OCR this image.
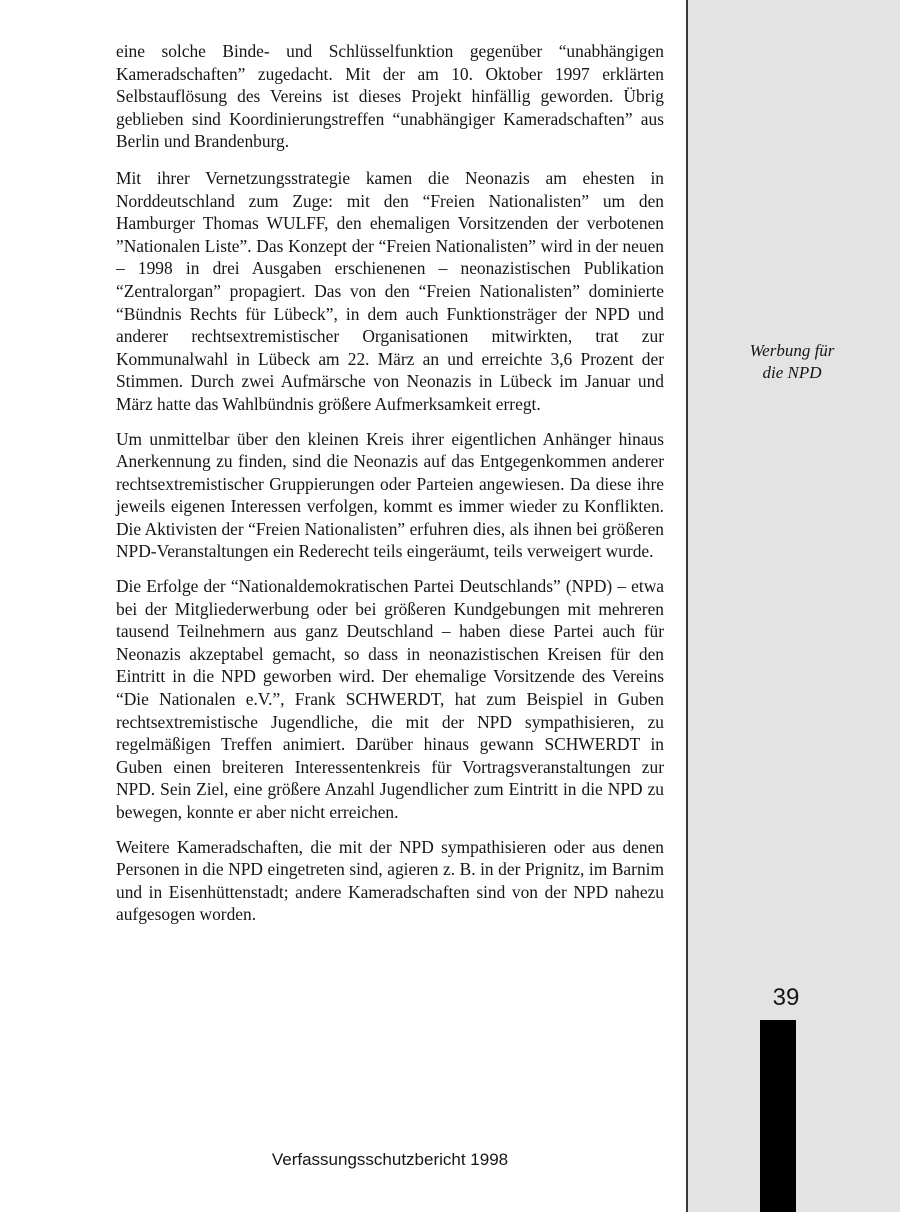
eine solche Binde- und Schlüsselfunktion gegenüber “unabhängigen Kameradschaften” zugedacht. Mit der am 10. Oktober 1997 erklärten Selbstauflösung des Vereins ist dieses Projekt hinfällig geworden. Übrig geblieben sind Koordinierungstreffen “unabhängiger Kameradschaften” aus Berlin und Brandenburg.

Mit ihrer Vernetzungsstrategie kamen die Neonazis am ehesten in Norddeutschland zum Zuge: mit den “Freien Nationalisten” um den Hamburger Thomas WULFF, den ehemaligen Vorsitzenden der verbotenen ”Nationalen Liste”. Das Konzept der “Freien Nationalisten” wird in der neuen – 1998 in drei Ausgaben erschienenen – neonazistischen Publikation “Zentralorgan” propagiert. Das von den “Freien Nationalisten” dominierte “Bündnis Rechts für Lübeck”, in dem auch Funktionsträger der NPD und anderer rechtsextremistischer Organisationen mitwirkten, trat zur Kommunalwahl in Lübeck am 22. März an und erreichte 3,6 Prozent der Stimmen. Durch zwei Aufmärsche von Neonazis in Lübeck im Januar und März hatte das Wahlbündnis größere Aufmerksamkeit erregt.

Um unmittelbar über den kleinen Kreis ihrer eigentlichen Anhänger hinaus Anerkennung zu finden, sind die Neonazis auf das Entgegenkommen anderer rechtsextremistischer Gruppierungen oder Parteien angewiesen. Da diese ihre jeweils eigenen Interessen verfolgen, kommt es immer wieder zu Konflikten. Die Aktivisten der “Freien Nationalisten” erfuhren dies, als ihnen bei größeren NPD-Veranstaltungen ein Rederecht teils eingeräumt, teils verweigert wurde.

Die Erfolge der “Nationaldemokratischen Partei Deutschlands” (NPD) – etwa bei der Mitgliederwerbung oder bei größeren Kundgebungen mit mehreren tausend Teilnehmern aus ganz Deutschland – haben diese Partei auch für Neonazis akzeptabel gemacht, so dass in neonazistischen Kreisen für den Eintritt in die NPD geworben wird. Der ehemalige Vorsitzende des Vereins “Die Nationalen e.V.”, Frank SCHWERDT, hat zum Beispiel in Guben rechtsextremistische Jugendliche, die mit der NPD sympathisieren, zu regelmäßigen Treffen animiert. Darüber hinaus gewann SCHWERDT in Guben einen breiteren Interessentenkreis für Vortragsveranstaltungen zur NPD. Sein Ziel, eine größere Anzahl Jugendlicher zum Eintritt in die NPD zu bewegen, konnte er aber nicht erreichen.

Weitere Kameradschaften, die mit der NPD sympathisieren oder aus denen Personen in die NPD eingetreten sind, agieren z. B. in der Prignitz, im Barnim und in Eisenhüttenstadt; andere Kameradschaften sind von der NPD nahezu aufgesogen worden.

Werbung für
die NPD
39
Verfassungsschutzbericht 1998
